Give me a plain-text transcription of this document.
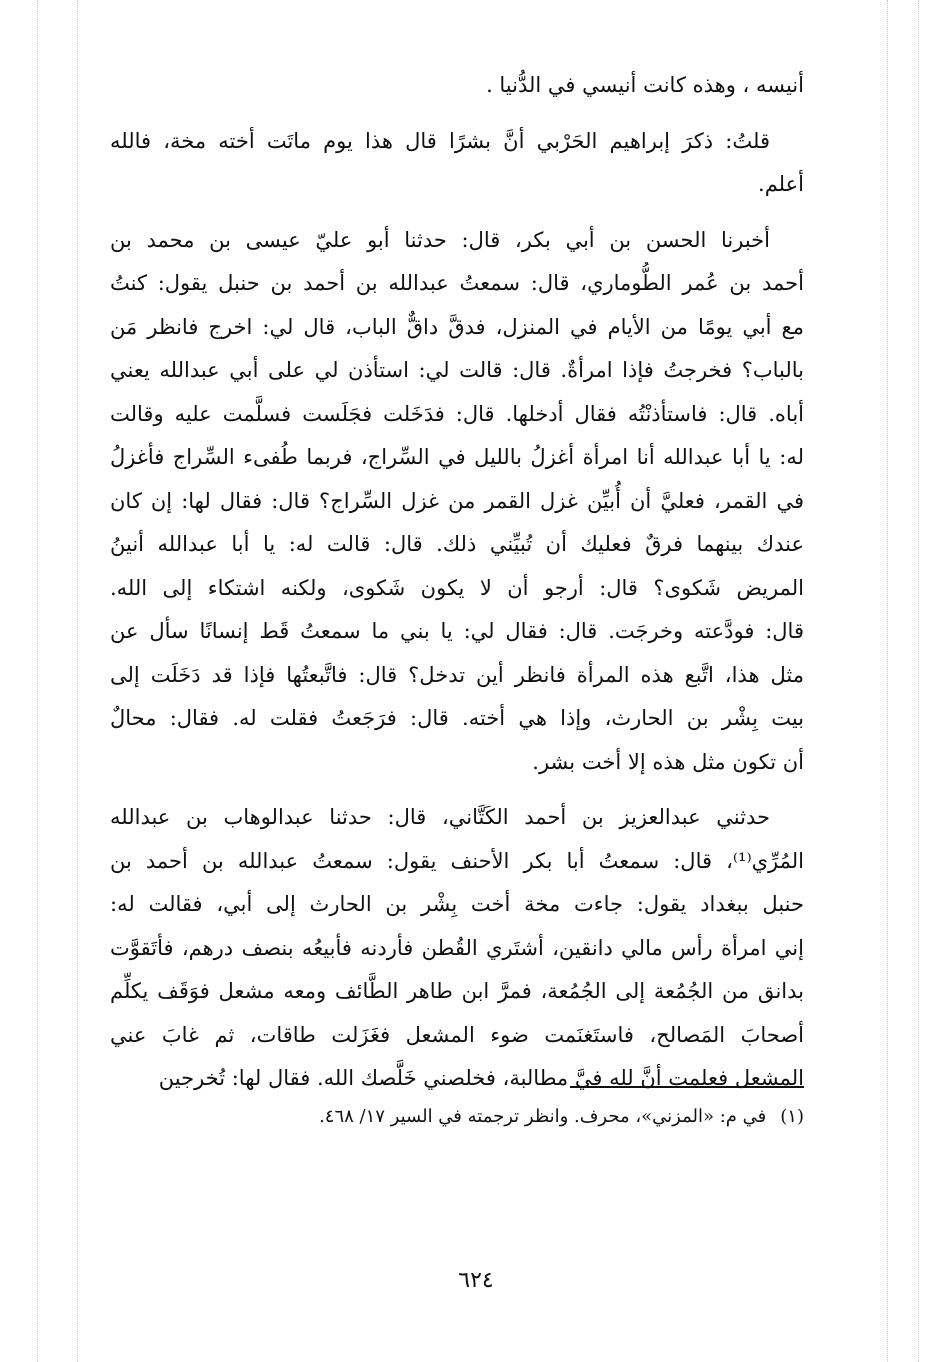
أنيسه ، وهذه كانت أنيسي في الدُّنيا .
قلتُ: ذكرَ إبراهيم الحَرْبي أنَّ بشرًا قال هذا يوم ماتَت أخته مخة، فالله
أعلم.
أخبرنا الحسن بن أبي بكر، قال: حدثنا أبو عليّ عيسى بن محمد بن
أحمد بن عُمر الطُّوماري، قال: سمعتُ عبدالله بن أحمد بن حنبل يقول: كنتُ
مع أبي يومًا من الأيام في المنزل، فدقَّ داقٌّ الباب، قال لي: اخرج فانظر مَن
بالباب؟ فخرجتُ فإذا امرأةٌ. قال: قالت لي: استأذن لي على أبي عبدالله يعني
أباه. قال: فاستأذنْتُه فقال أدخلها. قال: فدَخَلت فجَلَست فسلَّمت عليه وقالت
له: يا أبا عبدالله أنا امرأة أغزلُ بالليل في السِّراج، فربما طُفىء السِّراج فأغزلُ
في القمر، فعليَّ أن أُبيِّن غزل القمر من غزل السِّراج؟ قال: فقال لها: إن كان
عندك بينهما فرقٌ فعليك أن تُبيِّني ذلك. قال: قالت له: يا أبا عبدالله أنينُ
المريض شَكوى؟ قال: أرجو أن لا يكون شَكوى، ولكنه اشتكاء إلى الله.
قال: فودَّعته وخرجَت. قال: فقال لي: يا بني ما سمعتُ قَط إنسانًا سأل عن
مثل هذا، اتَّبع هذه المرأة فانظر أين تدخل؟ قال: فاتَّبعتُها فإذا قد دَخَلَت إلى
بيت بِشْر بن الحارث، وإذا هي أخته. قال: فرَجَعتُ فقلت له. فقال: محالٌ
أن تكون مثل هذه إلا أخت بشر.
حدثني عبدالعزيز بن أحمد الكَتَّاني، قال: حدثنا عبدالوهاب بن عبدالله
المُرِّي⁽¹⁾، قال: سمعتُ أبا بكر الأحنف يقول: سمعتُ عبدالله بن أحمد بن
حنبل ببغداد يقول: جاءت مخة أخت بِشْر بن الحارث إلى أبي، فقالت له:
إني امرأة رأس مالي دانقين، أشتَري القُطن فأردنه فأبيعُه بنصف درهم، فأتَقوَّت
بدانق من الجُمُعة إلى الجُمُعة، فمرَّ ابن طاهر الطَّائف ومعه مشعل فوَقَف يكلِّم
أصحابَ المَصالح، فاستَغنَمت ضوء المشعل فغَزَلت طاقات، ثم غابَ عني
المشعل فعلمت أنَّ لله فيَّ مطالبة، فخلصني خَلَّصك الله. فقال لها: تُخرجين
(١)في م: «المزني»، محرف. وانظر ترجمته في السير ١٧/ ٤٦٨.
٦٢٤
